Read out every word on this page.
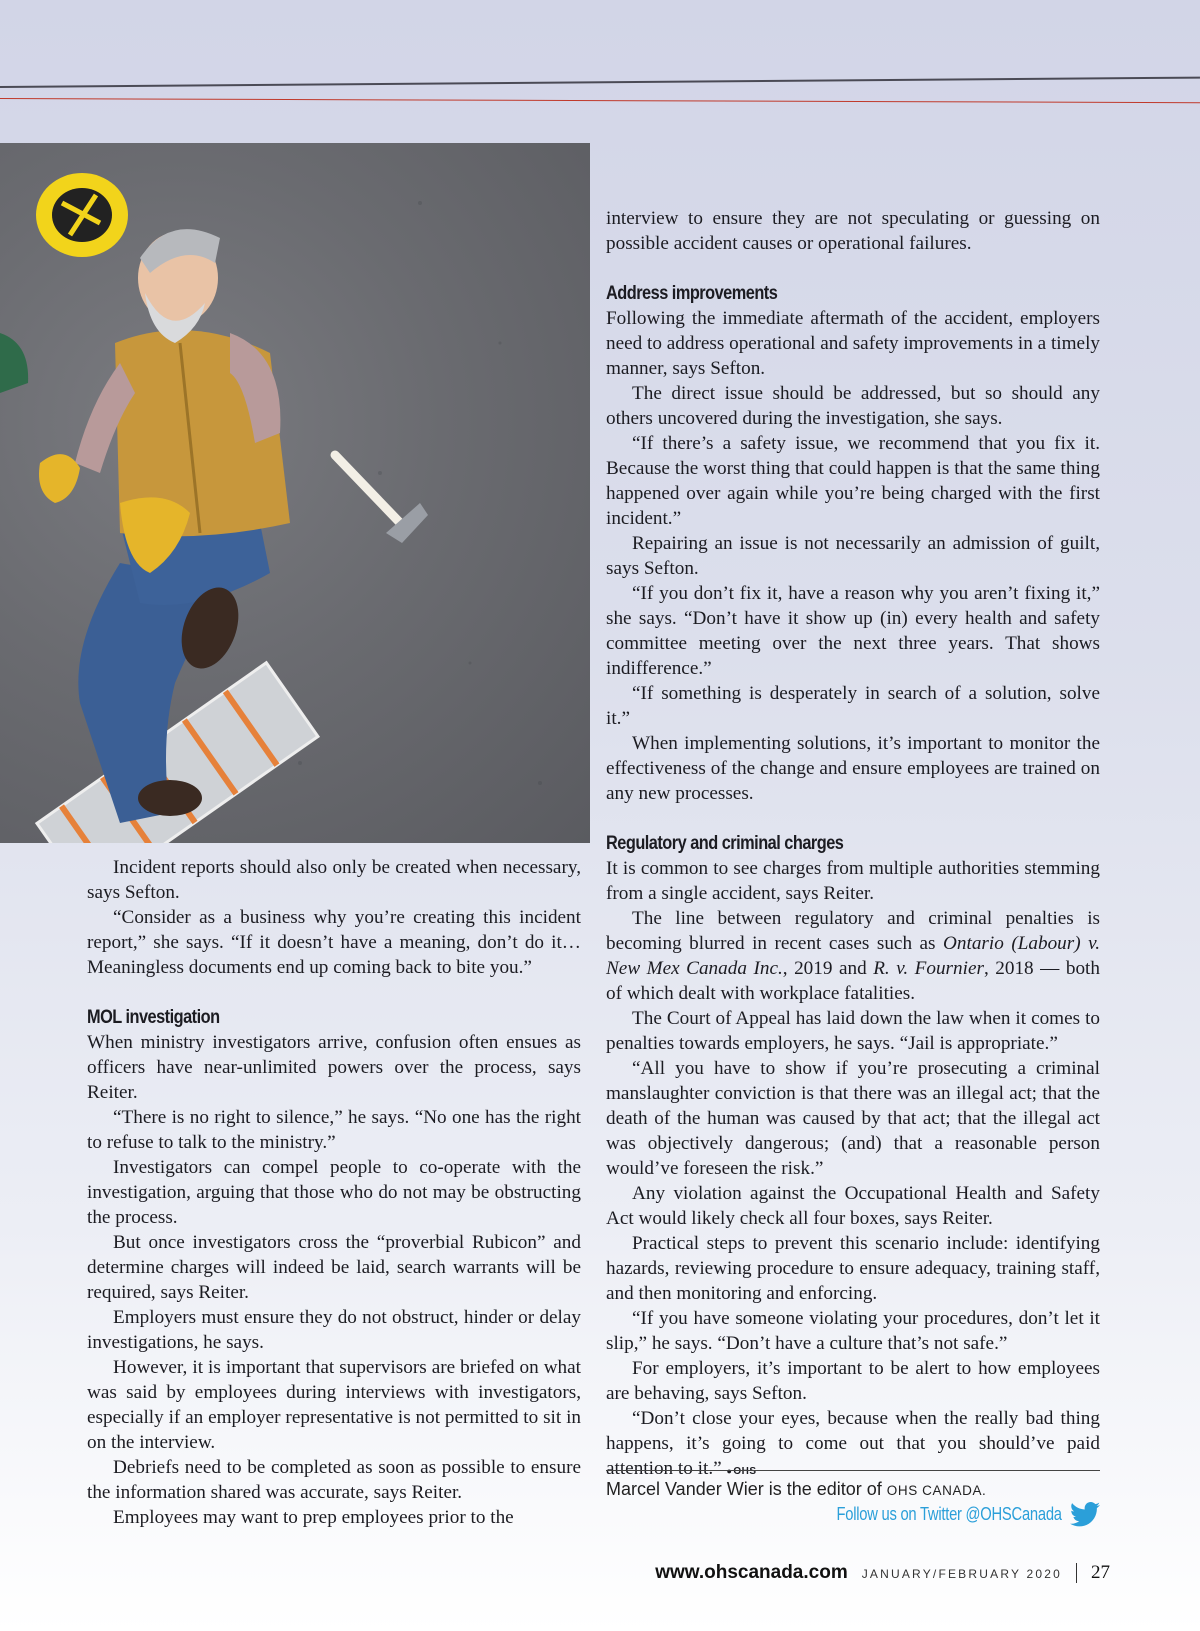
Incident reports should also only be created when necessary, says Sefton.

“Consider as a business why you’re creating this incident report,” she says. “If it doesn’t have a meaning, don’t do it… Meaningless documents end up coming back to bite you.”

MOL investigation

When ministry investigators arrive, confusion often ensues as officers have near-unlimited powers over the process, says Reiter.

“There is no right to silence,” he says. “No one has the right to refuse to talk to the ministry.”

Investigators can compel people to co-operate with the investigation, arguing that those who do not may be obstructing the process.

But once investigators cross the “proverbial Rubicon” and determine charges will indeed be laid, search warrants will be required, says Reiter.

Employers must ensure they do not obstruct, hinder or delay investigations, he says.

However, it is important that supervisors are briefed on what was said by employees during interviews with investigators, especially if an employer representative is not permitted to sit in on the interview.

Debriefs need to be completed as soon as possible to ensure the information shared was accurate, says Reiter.

Employees may want to prep employees prior to the

interview to ensure they are not speculating or guessing on possible accident causes or operational failures.

Address improvements

Following the immediate aftermath of the accident, employers need to address operational and safety improvements in a timely manner, says Sefton.

The direct issue should be addressed, but so should any others uncovered during the investigation, she says.

“If there’s a safety issue, we recommend that you fix it. Because the worst thing that could happen is that the same thing happened over again while you’re being charged with the first incident.”

Repairing an issue is not necessarily an admission of guilt, says Sefton.

“If you don’t fix it, have a reason why you aren’t fixing it,” she says. “Don’t have it show up (in) every health and safety committee meeting over the next three years. That shows indifference.”

“If something is desperately in search of a solution, solve it.”

When implementing solutions, it’s important to monitor the effectiveness of the change and ensure employees are trained on any new processes.

Regulatory and criminal charges

It is common to see charges from multiple authorities stemming from a single accident, says Reiter.

The line between regulatory and criminal penalties is becoming blurred in recent cases such as Ontario (Labour) v. New Mex Canada Inc., 2019 and R. v. Fournier, 2018 — both of which dealt with workplace fatalities.

The Court of Appeal has laid down the law when it comes to penalties towards employers, he says. “Jail is appropriate.”

“All you have to show if you’re prosecuting a criminal manslaughter conviction is that there was an illegal act; that the death of the human was caused by that act; that the illegal act was objectively dangerous; (and) that a reasonable person would’ve foreseen the risk.”

Any violation against the Occupational Health and Safety Act would likely check all four boxes, says Reiter.

Practical steps to prevent this scenario include: identifying hazards, reviewing procedure to ensure adequacy, training staff, and then monitoring and enforcing.

“If you have someone violating your procedures, don’t let it slip,” he says. “Don’t have a culture that’s not safe.”

For employers, it’s important to be alert to how employees are behaving, says Sefton.

“Don’t close your eyes, because when the really bad thing happens, it’s going to come out that you should’ve paid attention to it.” ● OHS

Marcel Vander Wier is the editor of OHS CANADA.
Follow us on Twitter @OHSCanada
www.ohscanada.com JANUARY/FEBRUARY 2020 27
